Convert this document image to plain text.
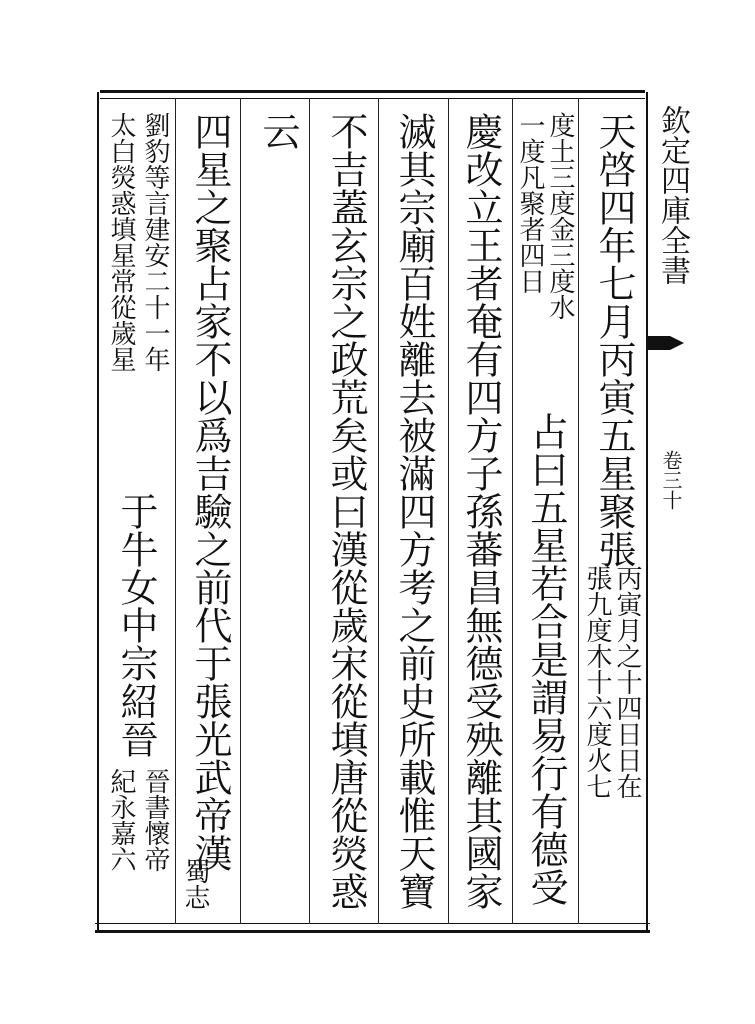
欽定四庫全書
卷三十
天啓四年七月丙寅五星聚張
丙寅月之十四日日在
張九度木十六度火七
度土三度金三度水
一度凡聚者四日
占曰五星若合是謂易行有德受
慶改立王者奄有四方子孫蕃昌無德受殃離其國家
滅其宗廟百姓離去被滿四方考之前史所載惟天寶
不吉蓋玄宗之政荒矣或曰漢從歲宋從填唐從熒惑
云
四星之聚占家不以爲吉驗之前代于張光武帝漢
蜀志
劉豹等言建安二十一年
太白熒惑填星常從歲星
于牛女中宗紹晉
晉書懷帝
紀永嘉六
